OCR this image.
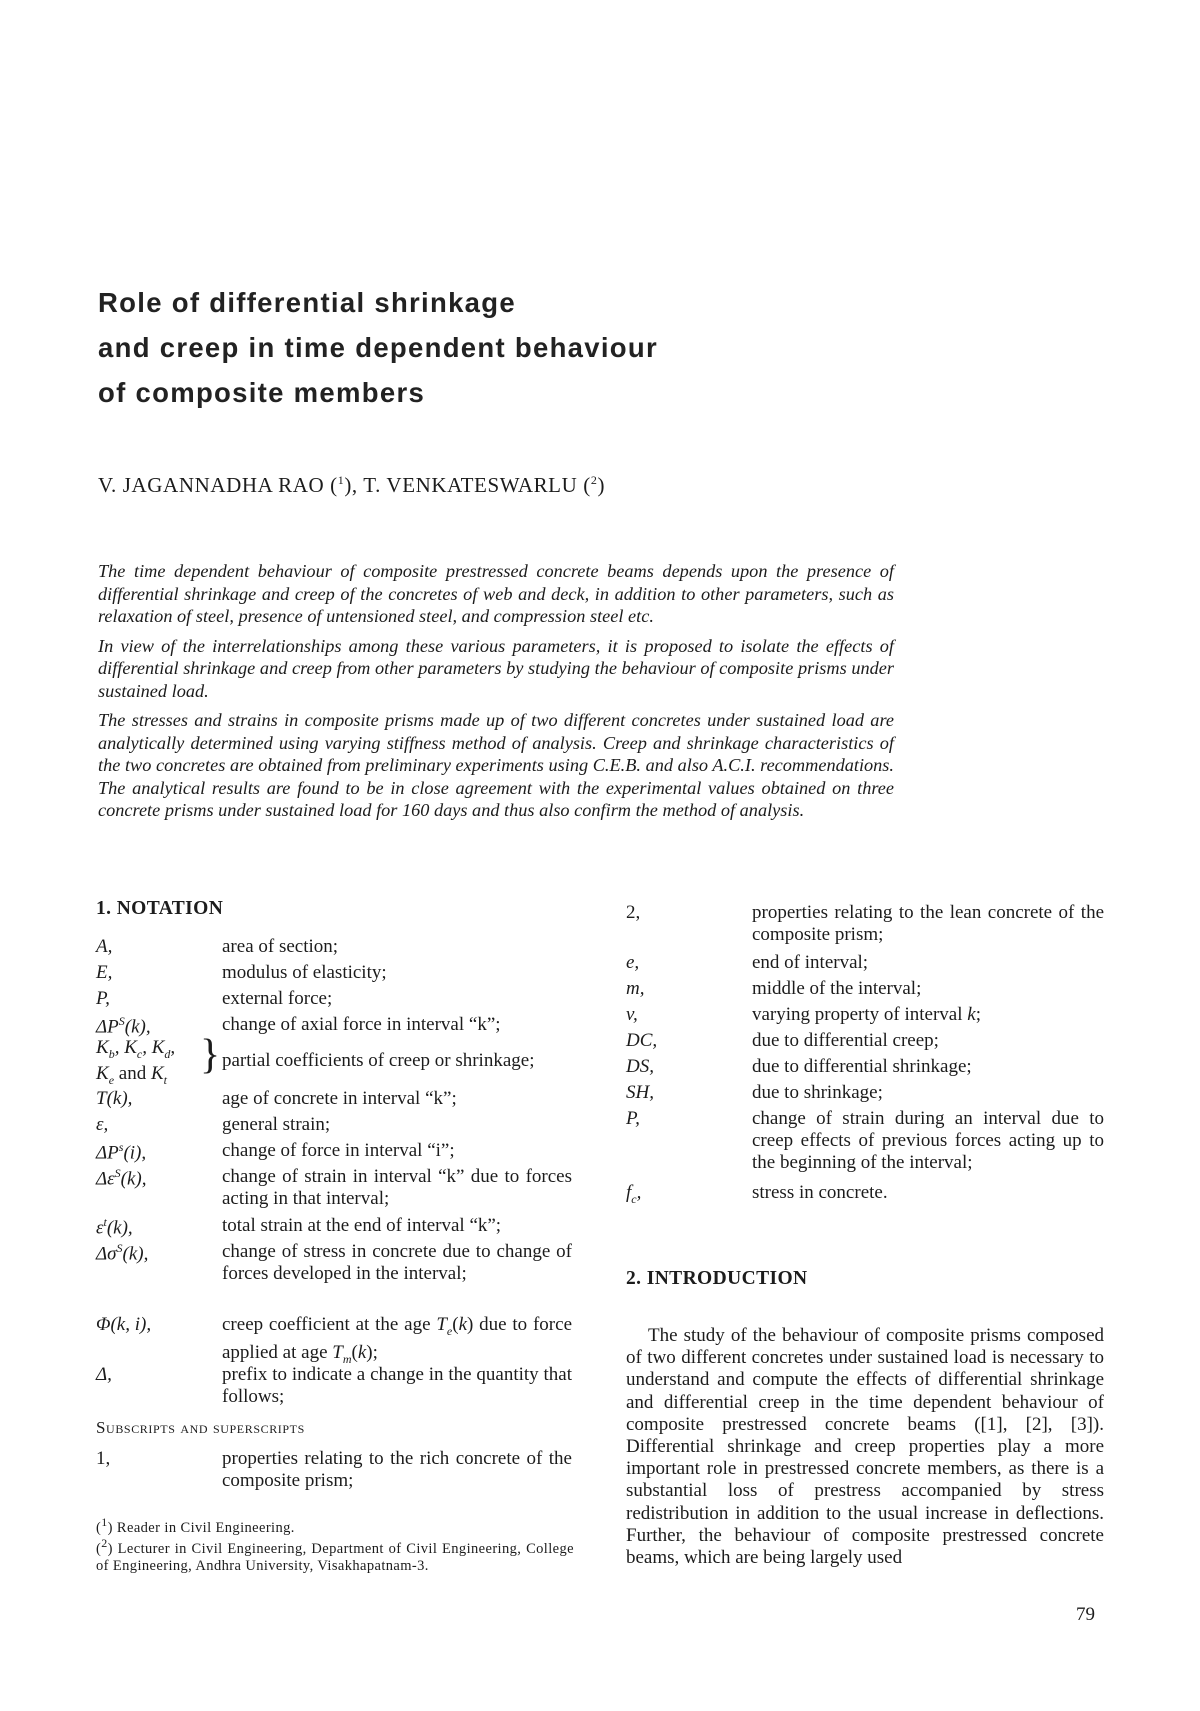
Role of differential shrinkage
and creep in time dependent behaviour
of composite members
V. JAGANNADHA RAO ($^1$), T. VENKATESWARLU ($^2$)

The time dependent behaviour of composite prestressed concrete beams depends upon the presence of differential shrinkage and creep of the concretes of web and deck, in addition to other parameters, such as relaxation of steel, presence of untensioned steel, and compression steel etc.

In view of the interrelationships among these various parameters, it is proposed to isolate the effects of differential shrinkage and creep from other parameters by studying the behaviour of composite prisms under sustained load.

The stresses and strains in composite prisms made up of two different concretes under sustained load are analytically determined using varying stiffness method of analysis. Creep and shrinkage characteristics of the two concretes are obtained from preliminary experiments using C.E.B. and also A.C.I. recommendations. The analytical results are found to be in close agreement with the experimental values obtained on three concrete prisms under sustained load for 160 days and thus also confirm the method of analysis.

1. NOTATION
A,	area of section;
E,	modulus of elasticity;
P,	external force;
$\Delta P^S(k)$,	change of axial force in interval “k”;
$K_b$, $K_c$, $K_d$,
$K_e$ and $K_t$
} partial coefficients of creep or shrinkage;
T(k),	age of concrete in interval “k”;
ε,	general strain;
$\Delta P^s(i)$,	change of force in interval “i”;
$\Delta\varepsilon^S(k)$,	change of strain in interval “k” due to forces acting in that interval;
$\varepsilon^t(k)$,	total strain at the end of interval “k”;
$\Delta\sigma^S(k)$,	change of stress in concrete due to change of forces developed in the interval;
Φ(k, i),	creep coefficient at the age $T_e(k)$ due to force applied at age $T_m(k)$;
Δ,	prefix to indicate a change in the quantity that follows;
Subscripts and superscripts
1,	properties relating to the rich concrete of the composite prism;
($^1$) Reader in Civil Engineering.
($^2$) Lecturer in Civil Engineering, Department of Civil Engineering, College of Engineering, Andhra University, Visakhapatnam-3.
2,	properties relating to the lean concrete of the composite prism;
e,	end of interval;
m,	middle of the interval;
v,	varying property of interval k;
DC,	due to differential creep;
DS,	due to differential shrinkage;
SH,	due to shrinkage;
P,	change of strain during an interval due to creep effects of previous forces acting up to the beginning of the interval;
$f_c$,	stress in concrete.
2. INTRODUCTION

The study of the behaviour of composite prisms composed of two different concretes under sustained load is necessary to understand and compute the effects of differential shrinkage and differential creep in the time dependent behaviour of composite prestressed concrete beams ([1], [2], [3]). Differential shrinkage and creep properties play a more important role in prestressed concrete members, as there is a substantial loss of prestress accompanied by stress redistribution in addition to the usual increase in deflections. Further, the behaviour of composite prestressed concrete beams, which are being largely used

79
